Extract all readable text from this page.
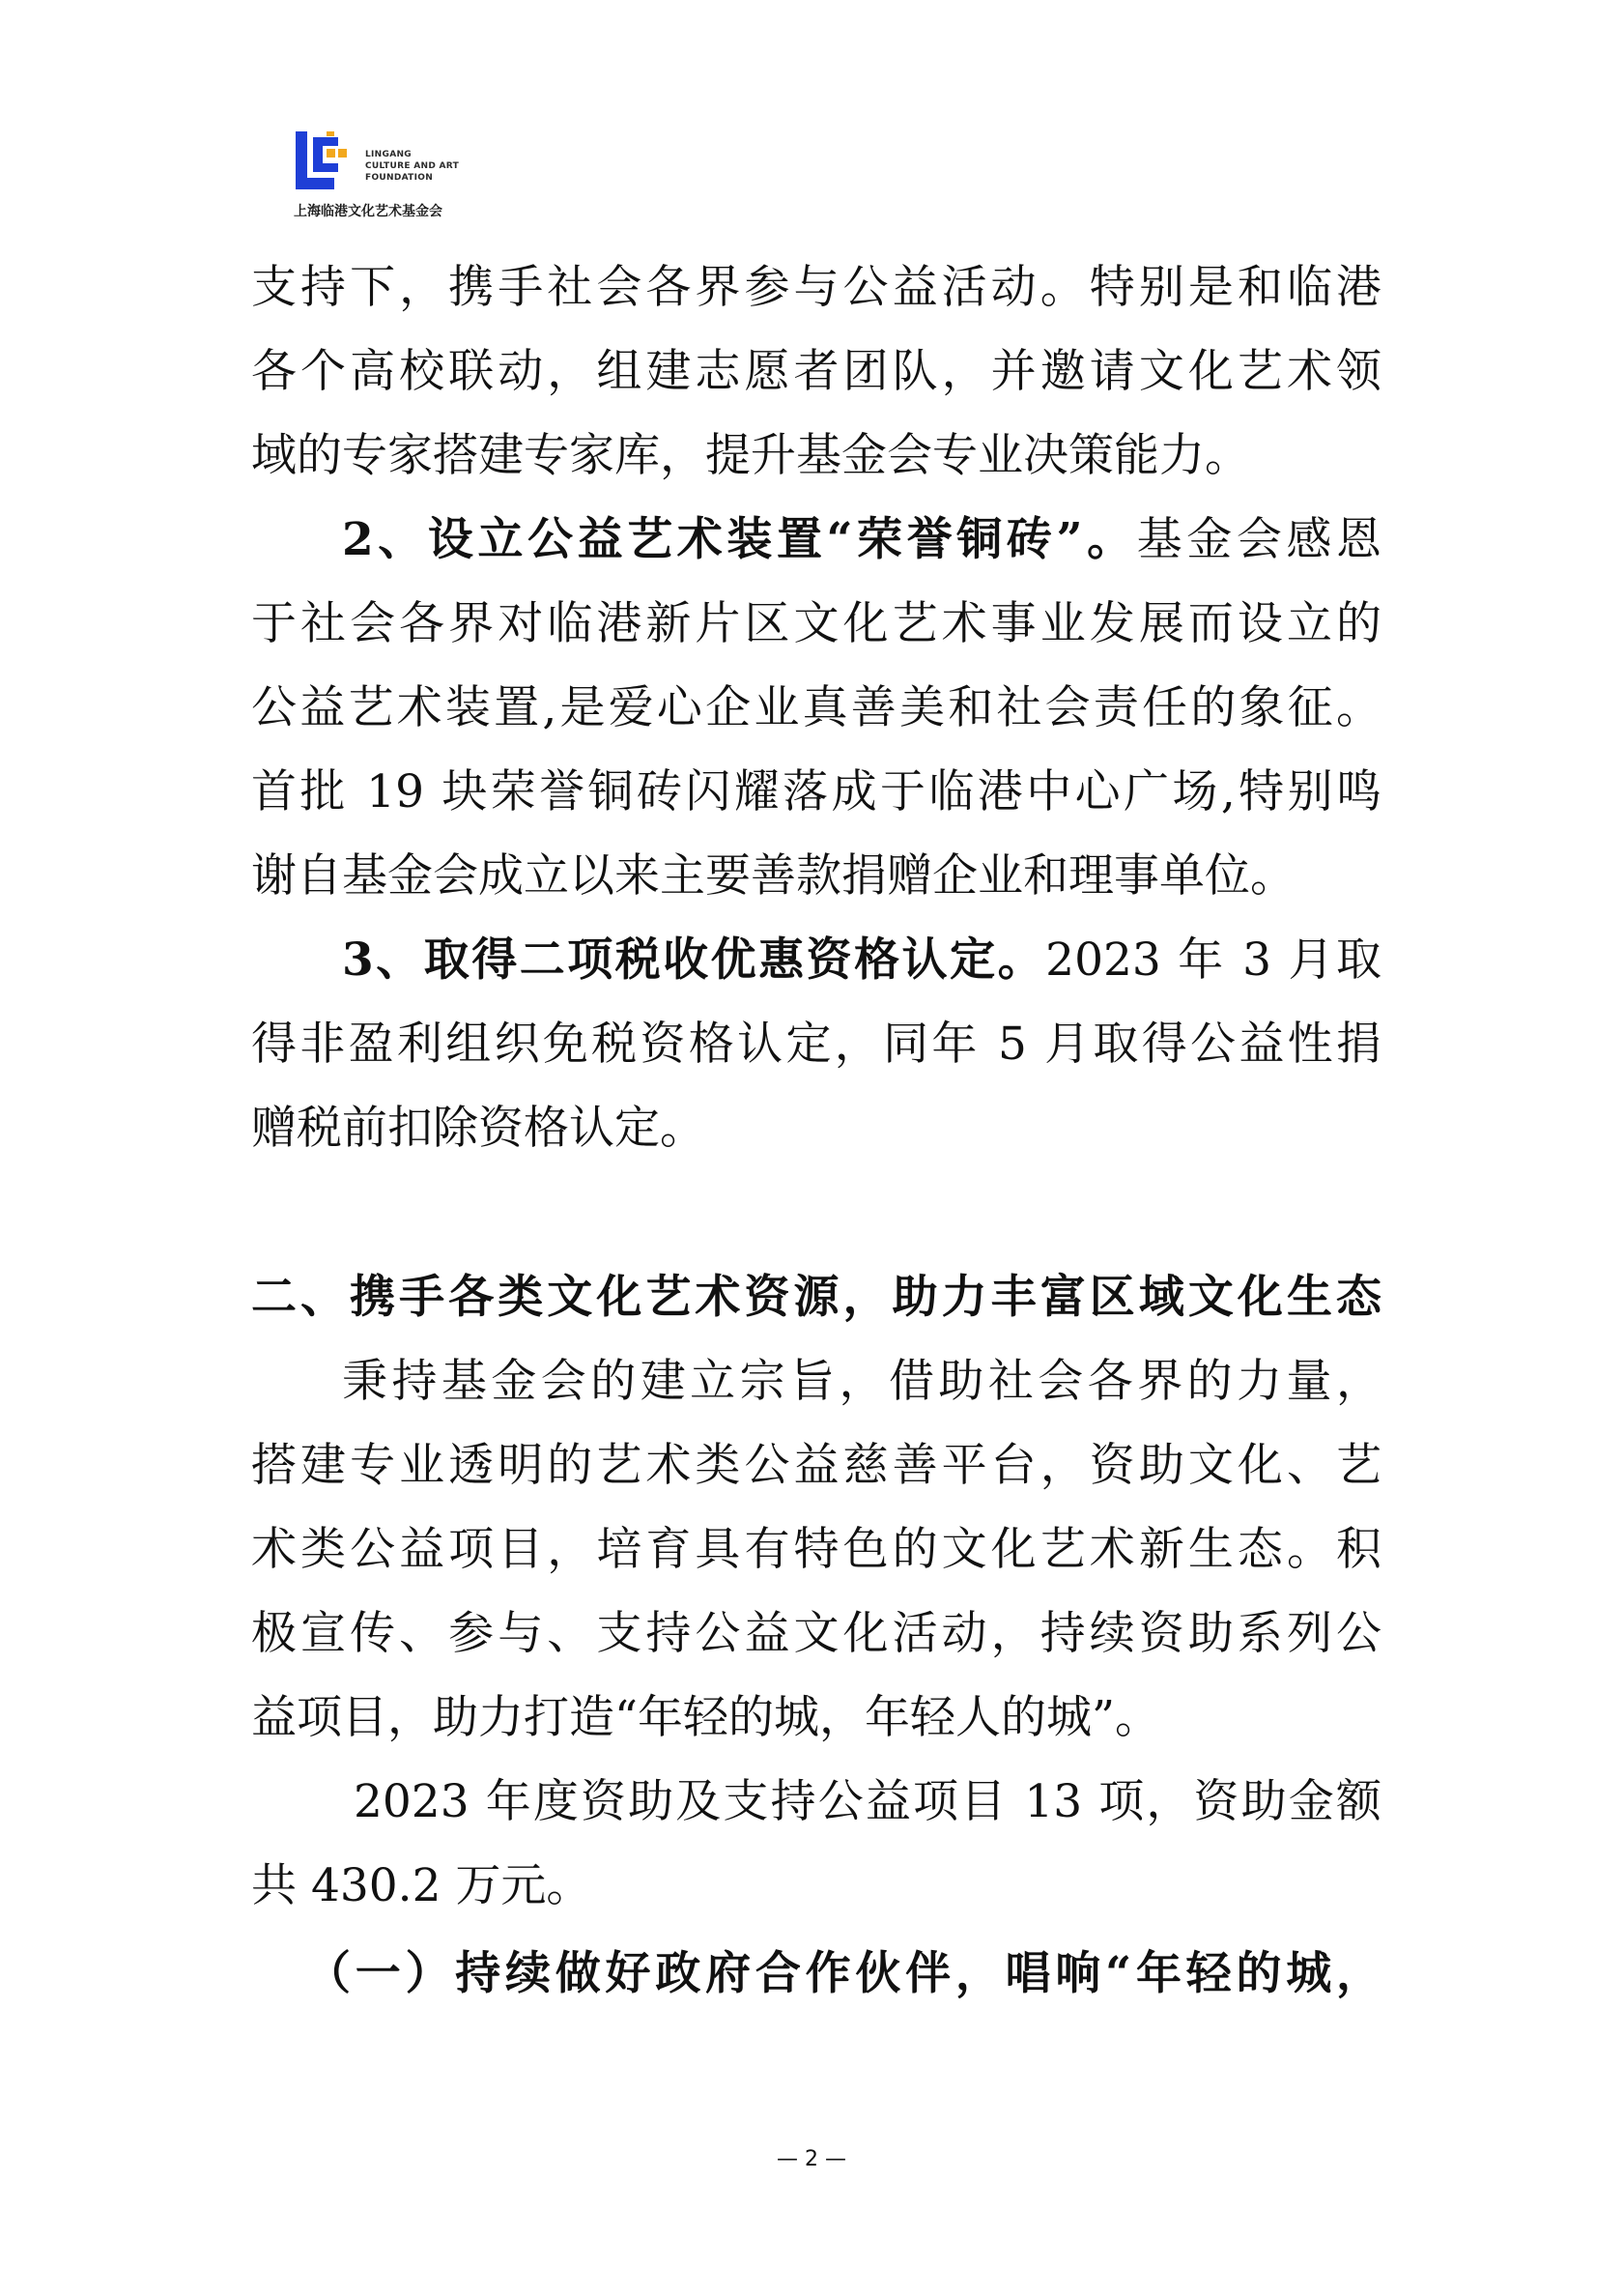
LINGANG
CULTURE AND ART
FOUNDATION
上海临港文化艺术基金会
支持下，携手社会各界参与公益活动。特别是和临港
各个高校联动，组建志愿者团队，并邀请文化艺术领
域的专家搭建专家库，提升基金会专业决策能力。
2、设立公益艺术装置“荣誉铜砖”。基金会感恩
于社会各界对临港新片区文化艺术事业发展而设立的
公益艺术装置,是爱心企业真善美和社会责任的象征。
首批 19 块荣誉铜砖闪耀落成于临港中心广场,特别鸣
谢自基金会成立以来主要善款捐赠企业和理事单位。
3、取得二项税收优惠资格认定。2023 年 3 月取
得非盈利组织免税资格认定，同年 5 月取得公益性捐
赠税前扣除资格认定。
二、携手各类文化艺术资源，助力丰富区域文化生态
秉持基金会的建立宗旨，借助社会各界的力量，
搭建专业透明的艺术类公益慈善平台，资助文化、艺
术类公益项目，培育具有特色的文化艺术新生态。积
极宣传、参与、支持公益文化活动，持续资助系列公
益项目，助力打造“年轻的城，年轻人的城”。
2023 年度资助及支持公益项目 13 项，资助金额
共 430.2 万元。
（一）持续做好政府合作伙伴，唱响“年轻的城，
— 2 —
